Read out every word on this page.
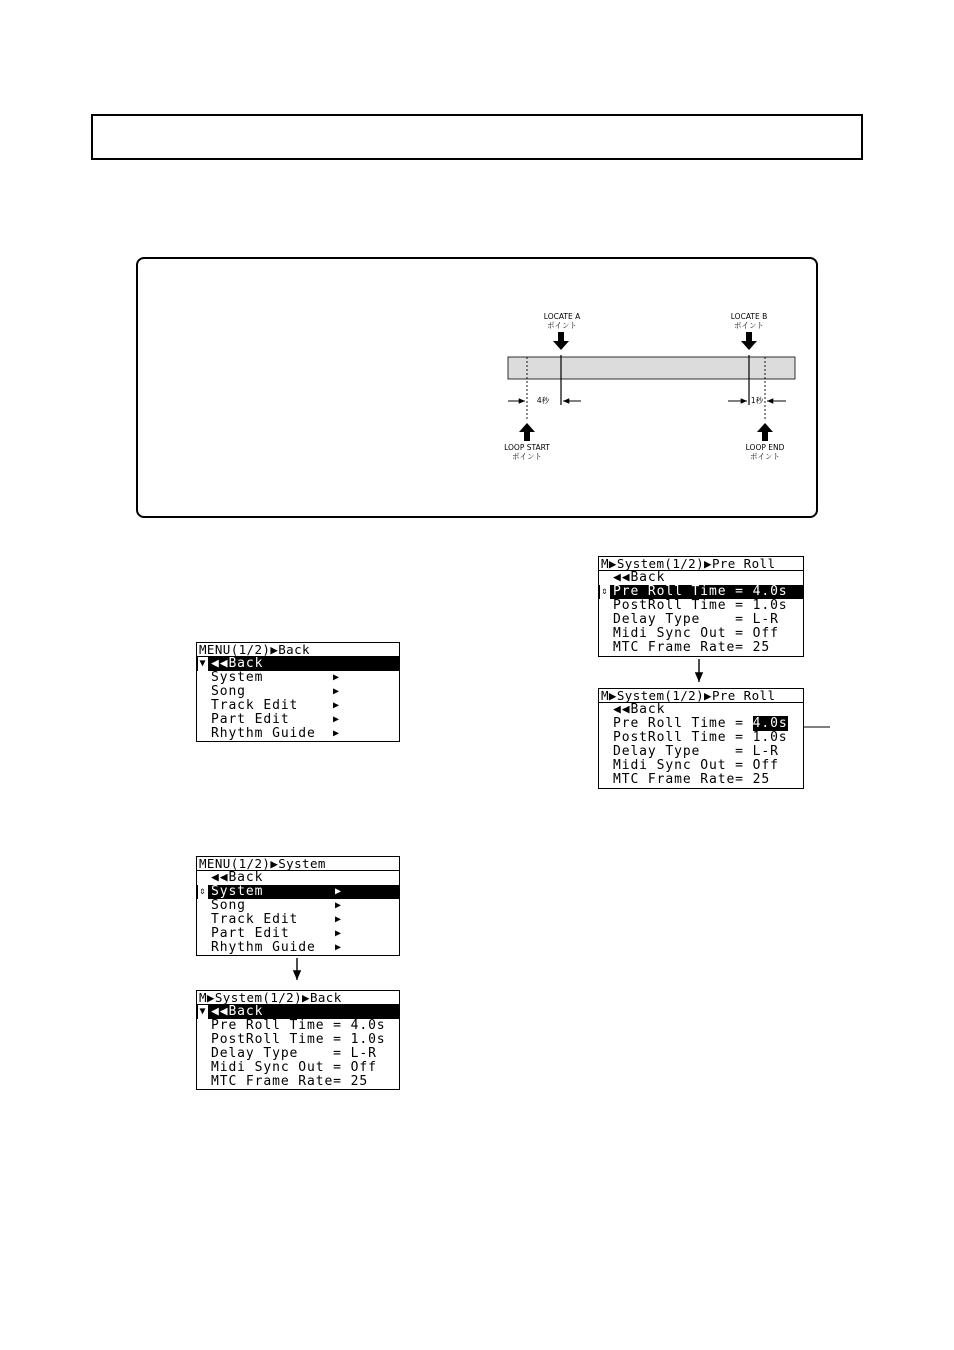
LOCATE A
ポイント
LOCATE B
ポイント
LOOP START
ポイント
LOOP END
ポイント
4秒	1秒
MENU(1/2)▶Back

▼

◀◀Back

System

	▶

Song

	▶

Track Edit

	▶

Part Edit

	▶

Rhythm Guide

▶

MENU(1/2)▶System

◀◀Back

⇕

System

	▶

Song

	▶

Track Edit

	▶

Part Edit

	▶

Rhythm Guide

▶

M▶System(1/2)▶Back

▼

◀◀Back

Pre Roll Time = 4.0s

PostRoll Time = 1.0s

Delay Type    = L-R

Midi Sync Out = Off

MTC Frame Rate= 25

M▶System(1/2)▶Pre Roll

◀◀Back

⇕

Pre Roll Time = 4.0s

PostRoll Time = 1.0s

Delay Type    = L-R

Midi Sync Out = Off

MTC Frame Rate= 25

M▶System(1/2)▶Pre Roll

◀◀Back

Pre Roll Time = 4.0s

PostRoll Time = 1.0s

Delay Type    = L-R

Midi Sync Out = Off

MTC Frame Rate= 25
